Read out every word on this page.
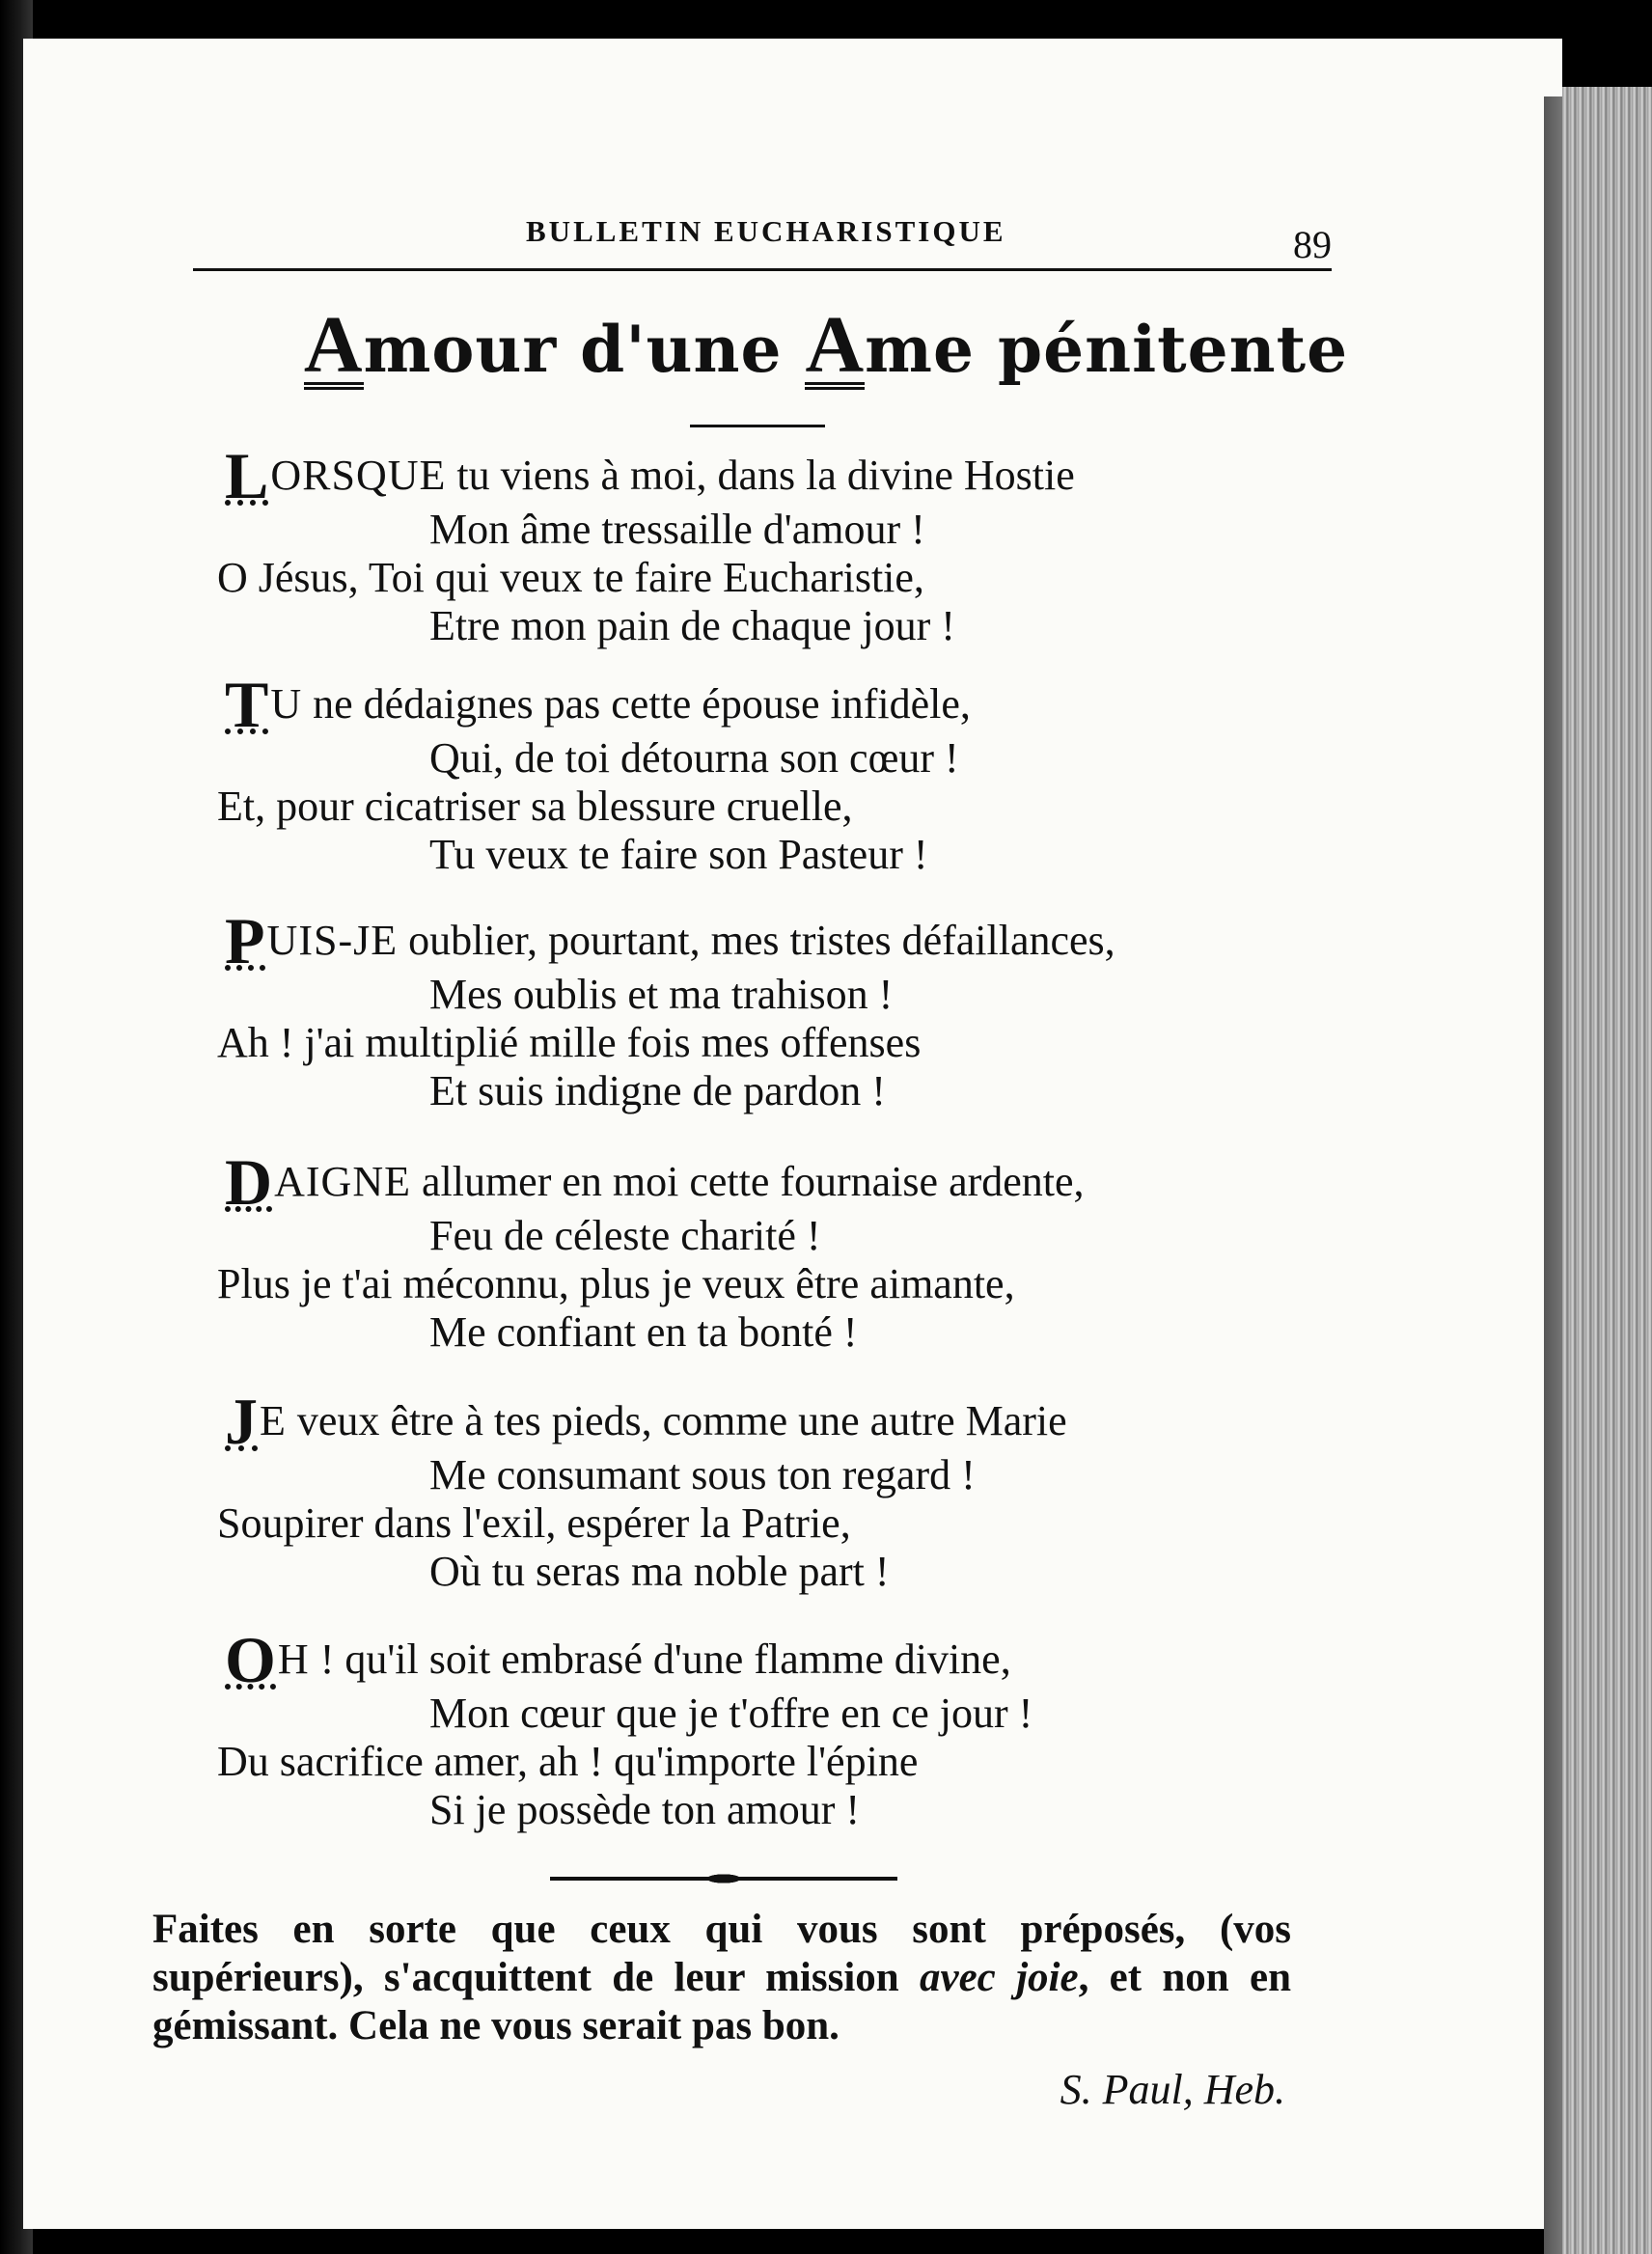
BULLETIN EUCHARISTIQUE	89
Amour d'une Ame pénitente
LORSQUE tu viens à moi, dans la divine Hostie
Mon âme tressaille d'amour !
O Jésus, Toi qui veux te faire Eucharistie,
Etre mon pain de chaque jour !
TU ne dédaignes pas cette épouse infidèle,
Qui, de toi détourna son cœur !
Et, pour cicatriser sa blessure cruelle,
Tu veux te faire son Pasteur !
PUIS-JE oublier, pourtant, mes tristes défaillances,
Mes oublis et ma trahison !
Ah ! j'ai multiplié mille fois mes offenses
Et suis indigne de pardon !
DAIGNE allumer en moi cette fournaise ardente,
Feu de céleste charité !
Plus je t'ai méconnu, plus je veux être aimante,
Me confiant en ta bonté !
JE veux être à tes pieds, comme une autre Marie
Me consumant sous ton regard !
Soupirer dans l'exil, espérer la Patrie,
Où tu seras ma noble part !
OH ! qu'il soit embrasé d'une flamme divine,
Mon cœur que je t'offre en ce jour !
Du sacrifice amer, ah ! qu'importe l'épine
Si je possède ton amour !
Faites en sorte que ceux qui vous sont préposés, (vos supérieurs), s'acquittent de leur mission avec joie, et non en gémissant. Cela ne vous serait pas bon.
S. Paul, Heb.
